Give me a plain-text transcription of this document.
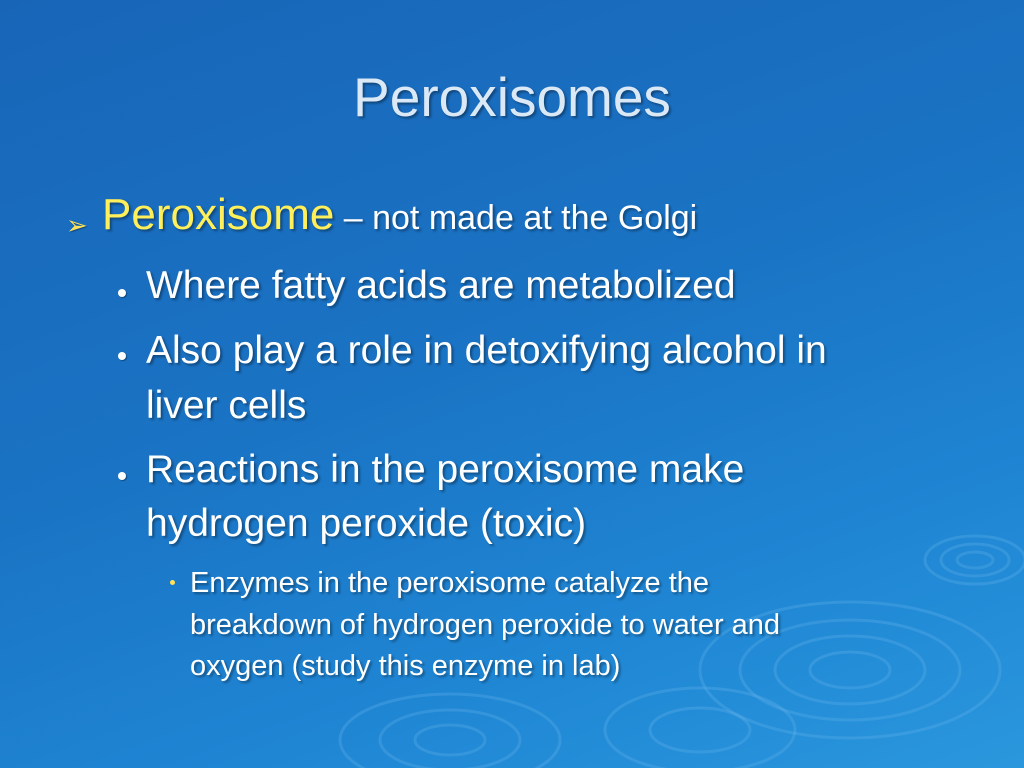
Peroxisomes
➢ Peroxisome – not made at the Golgi
Where fatty acids are metabolized
Also play a role in detoxifying alcohol in
liver cells
Reactions in the peroxisome make
hydrogen peroxide (toxic)
Enzymes in the peroxisome catalyze the
breakdown of hydrogen peroxide to water and
oxygen (study this enzyme in lab)
